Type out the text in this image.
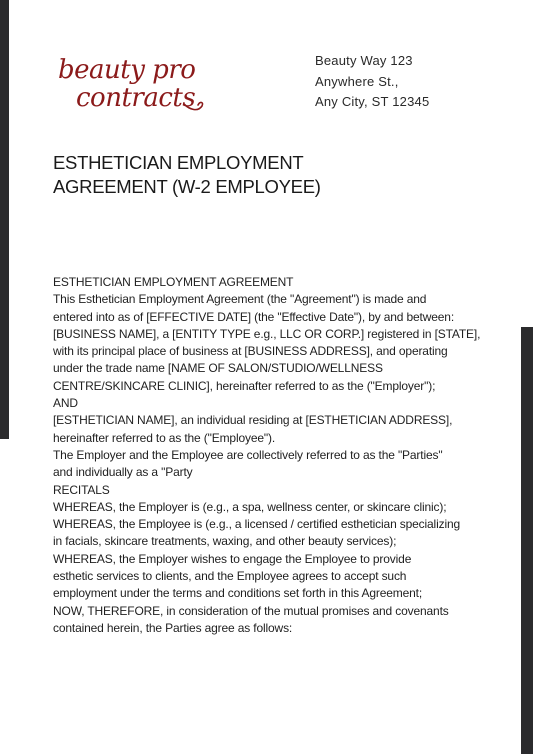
beauty pro
contracts
Beauty Way 123
Anywhere St.,
Any City, ST 12345
ESTHETICIAN EMPLOYMENT
AGREEMENT (W-2 EMPLOYEE)
ESTHETICIAN EMPLOYMENT AGREEMENT
This Esthetician Employment Agreement (the "Agreement") is made and
entered into as of [EFFECTIVE DATE] (the "Effective Date"), by and between:
[BUSINESS NAME], a [ENTITY TYPE e.g., LLC OR CORP.] registered in [STATE],
with its principal place of business at [BUSINESS ADDRESS], and operating
under the trade name [NAME OF SALON/STUDIO/WELLNESS
CENTRE/SKINCARE CLINIC], hereinafter referred to as the ("Employer");
AND
[ESTHETICIAN NAME], an individual residing at [ESTHETICIAN ADDRESS],
hereinafter referred to as the ("Employee").
The Employer and the Employee are collectively referred to as the "Parties"
and individually as a "Party
RECITALS
WHEREAS, the Employer is (e.g., a spa, wellness center, or skincare clinic);
WHEREAS, the Employee is (e.g., a licensed / certified esthetician specializing
in facials, skincare treatments, waxing, and other beauty services);
WHEREAS, the Employer wishes to engage the Employee to provide
esthetic services to clients, and the Employee agrees to accept such
employment under the terms and conditions set forth in this Agreement;
NOW, THEREFORE, in consideration of the mutual promises and covenants
contained herein, the Parties agree as follows:
